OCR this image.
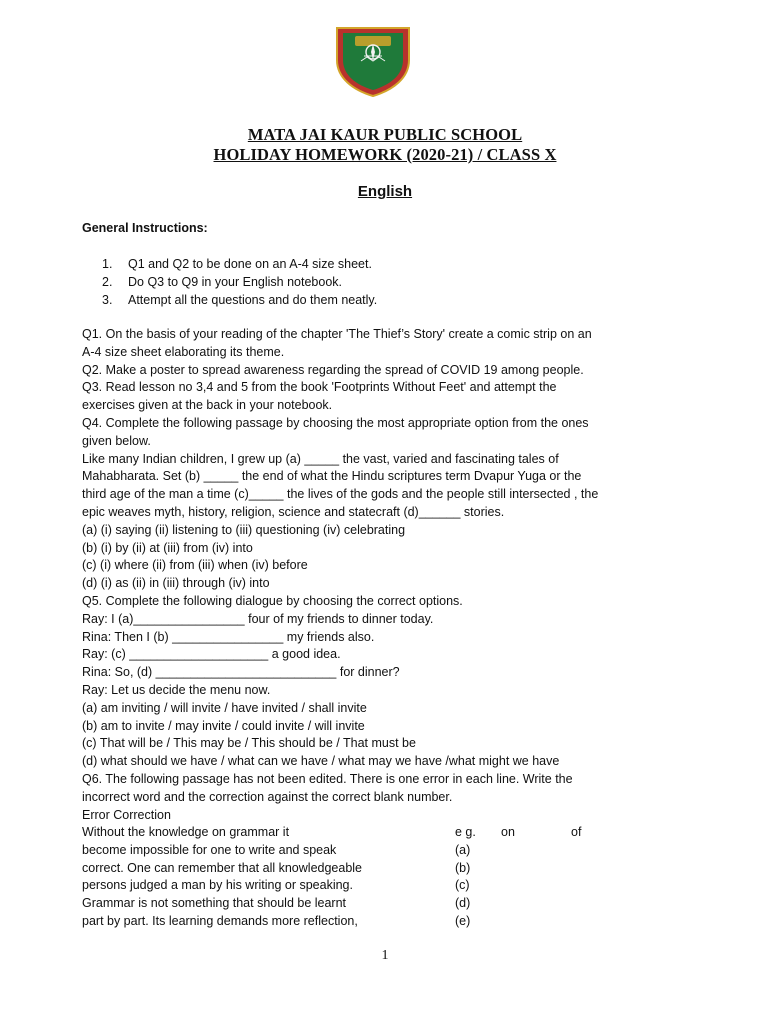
MATA JAI KAUR PUBLIC SCHOOL
HOLIDAY HOMEWORK (2020-21) / CLASS X
English
General Instructions:
1.	Q1 and Q2 to be done on an A-4 size sheet.
2.	Do Q3 to Q9 in your English notebook.
3.	Attempt all the questions and do them neatly.
Q1. On the basis of your reading of the chapter 'The Thief’s Story' create a comic strip on an
A-4 size sheet elaborating its theme.
Q2. Make a poster to spread awareness regarding the spread of COVID 19 among people.
Q3. Read lesson no 3,4 and 5 from the book 'Footprints Without Feet' and attempt the
exercises given at the back in your notebook.
Q4. Complete the following passage by choosing the most appropriate option from the ones
given below.
Like many Indian children, I grew up (a) _____ the vast, varied and fascinating tales of
Mahabharata. Set (b) _____ the end of what the Hindu scriptures term Dvapur Yuga or the
third age of the man a time (c)_____ the lives of the gods and the people still intersected , the
epic weaves myth, history, religion, science and statecraft (d)______ stories.
(a) (i) saying (ii) listening to (iii) questioning (iv) celebrating
(b) (i) by (ii) at (iii) from (iv) into
(c) (i) where (ii) from (iii) when (iv) before
(d) (i) as (ii) in (iii) through (iv) into
Q5. Complete the following dialogue by choosing the correct options.
Ray: I (a)________________ four of my friends to dinner today.
Rina: Then I (b) ________________ my friends also.
Ray: (c) ____________________ a good idea.
Rina: So, (d) __________________________ for dinner?
Ray: Let us decide the menu now.
(a) am inviting / will invite / have invited / shall invite
(b) am to invite / may invite / could invite / will invite
(c) That will be / This may be / This should be / That must be
(d) what should we have / what can we have / what may we have /what might we have
Q6. The following passage has not been edited. There is one error in each line. Write the
incorrect word and the correction against the correct blank number.
Error Correction
Without the knowledge on grammar it	e g. on	of
become impossible for one to write and speak	(a)
correct. One can remember that all knowledgeable	(b)
persons judged a man by his writing or speaking.	(c)
Grammar is not something that should be learnt	(d)
part by part. Its learning demands more reflection,	(e)
1
